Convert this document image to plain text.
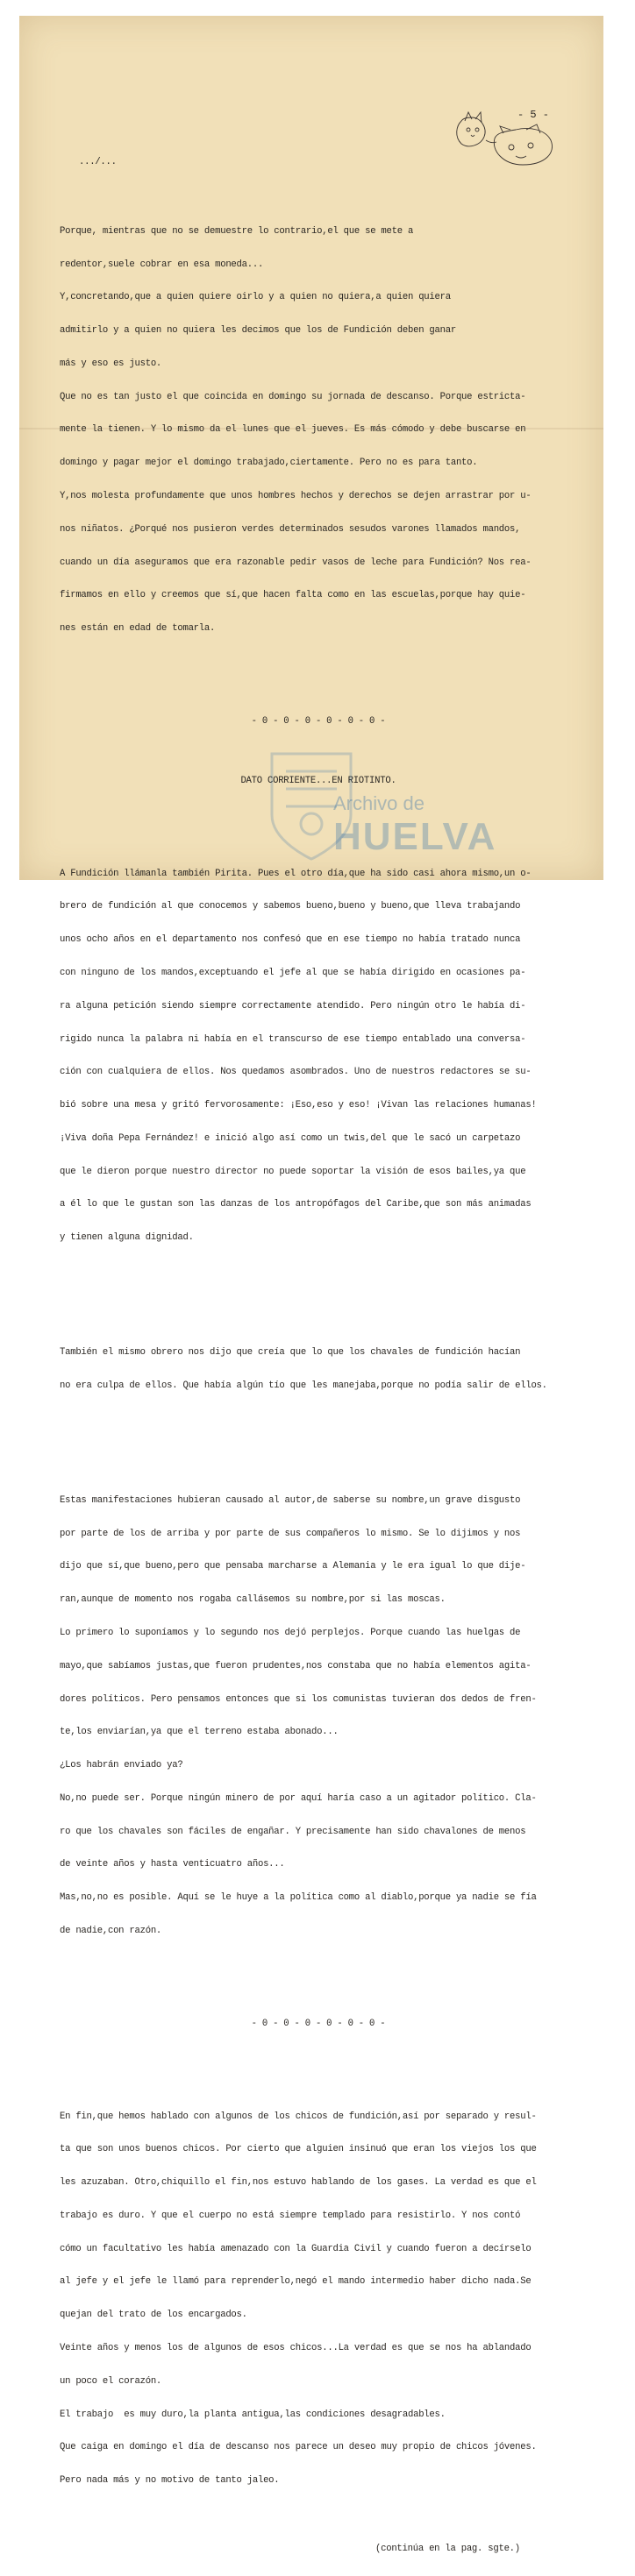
- 5 -

.../...

Porque, mientras que no se demuestre lo contrario,el que se mete a

redentor,suele cobrar en esa moneda...

Y,concretando,que a quien quiere oirlo y a quien no quiera,a quien quiera

admitirlo y a quien no quiera les decimos que los de Fundición deben ganar

más y eso es justo.

Que no es tan justo el que coincida en domingo su jornada de descanso. Porque estricta-

mente la tienen. Y lo mismo da el lunes que el jueves. Es más cómodo y debe buscarse en

domingo y pagar mejor el domingo trabajado,ciertamente. Pero no es para tanto.

Y,nos molesta profundamente que unos hombres hechos y derechos se dejen arrastrar por u-

nos niñatos. ¿Porqué nos pusieron verdes determinados sesudos varones llamados mandos,

cuando un día aseguramos que era razonable pedir vasos de leche para Fundición? Nos rea-

firmamos en ello y creemos que sí,que hacen falta como en las escuelas,porque hay quie-

nes están en edad de tomarla.

- 0 - 0 - 0 - 0 - 0 - 0 -

DATO CORRIENTE...EN RIOTINTO.

A Fundición llámanla también Pirita. Pues el otro día,que ha sido casi ahora mismo,un o-

brero de fundición al que conocemos y sabemos bueno,bueno y bueno,que lleva trabajando

unos ocho años en el departamento nos confesó que en ese tiempo no había tratado nunca

con ninguno de los mandos,exceptuando el jefe al que se había dirigido en ocasiones pa-

ra alguna petición siendo siempre correctamente atendido. Pero ningún otro le había di-

rigido nunca la palabra ni había en el transcurso de ese tiempo entablado una conversa-

ción con cualquiera de ellos. Nos quedamos asombrados. Uno de nuestros redactores se su-

bió sobre una mesa y gritó fervorosamente: ¡Eso,eso y eso! ¡Vivan las relaciones humanas!

¡Viva doña Pepa Fernández! e inició algo así como un twis,del que le sacó un carpetazo

que le dieron porque nuestro director no puede soportar la visión de esos bailes,ya que

a él lo que le gustan son las danzas de los antropófagos del Caribe,que son más animadas

y tienen alguna dignidad.

También el mismo obrero nos dijo que creía que lo que los chavales de fundición hacían

no era culpa de ellos. Que había algún tío que les manejaba,porque no podía salir de ellos.

Estas manifestaciones hubieran causado al autor,de saberse su nombre,un grave disgusto

por parte de los de arriba y por parte de sus compañeros lo mismo. Se lo dijimos y nos

dijo que sí,que bueno,pero que pensaba marcharse a Alemania y le era igual lo que dije-

ran,aunque de momento nos rogaba callásemos su nombre,por si las moscas.

Lo primero lo suponíamos y lo segundo nos dejó perplejos. Porque cuando las huelgas de

mayo,que sabíamos justas,que fueron prudentes,nos constaba que no había elementos agita-

dores políticos. Pero pensamos entonces que si los comunistas tuvieran dos dedos de fren-

te,los enviarían,ya que el terreno estaba abonado...

¿Los habrán enviado ya?

No,no puede ser. Porque ningún minero de por aquí haría caso a un agitador político. Cla-

ro que los chavales son fáciles de engañar. Y precisamente han sido chavalones de menos

de veinte años y hasta venticuatro años...

Mas,no,no es posible. Aquí se le huye a la política como al diablo,porque ya nadie se fía

de nadie,con razón.

- 0 - 0 - 0 - 0 - 0 - 0 -

En fin,que hemos hablado con algunos de los chicos de fundición,así por separado y resul-

ta que son unos buenos chicos. Por cierto que alguien insinuó que eran los viejos los que

les azuzaban. Otro,chiquillo el fin,nos estuvo hablando de los gases. La verdad es que el

trabajo es duro. Y que el cuerpo no está siempre templado para resistirlo. Y nos contó

cómo un facultativo les había amenazado con la Guardia Civil y cuando fueron a decírselo

al jefe y el jefe le llamó para reprenderlo,negó el mando intermedio haber dicho nada.Se

quejan del trato de los encargados.

Veinte años y menos los de algunos de esos chicos...La verdad es que se nos ha ablandado

un poco el corazón.

El trabajo  es muy duro,la planta antigua,las condiciones desagradables.

Que caiga en domingo el día de descanso nos parece un deseo muy propio de chicos jóvenes.

Pero nada más y no motivo de tanto jaleo.

(continúa en la pag. sgte.)

Archivo de
HUELVA
